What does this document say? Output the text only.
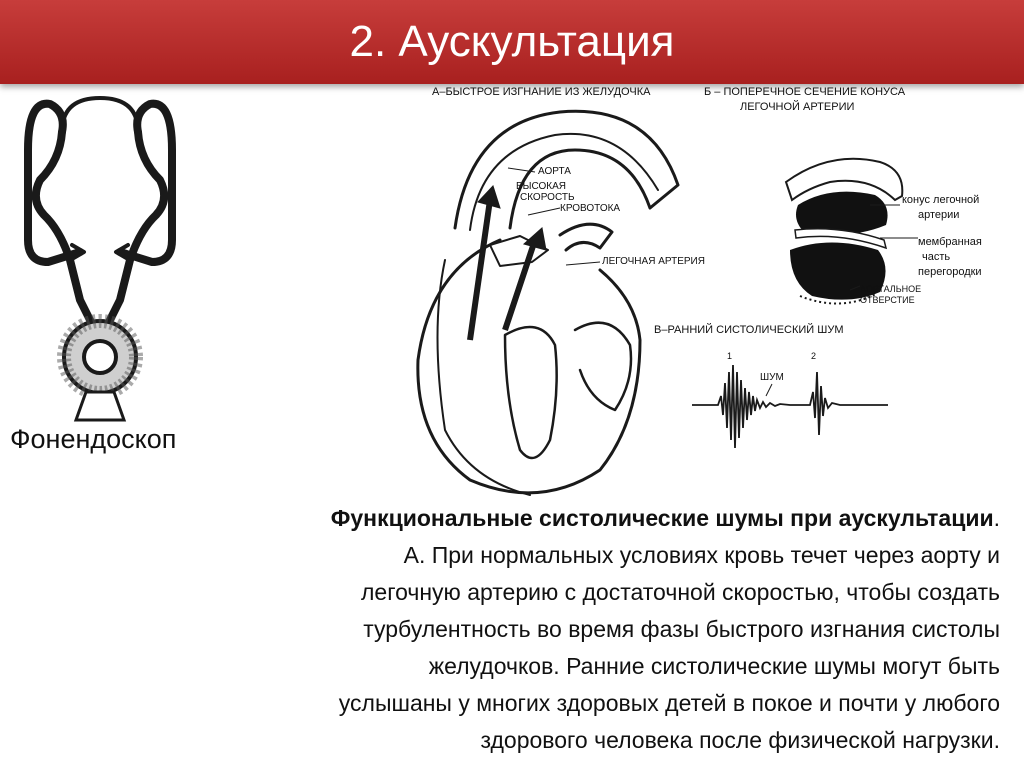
2. Аускультация
Фонендоскоп
А–БЫСТРОЕ ИЗГНАНИЕ ИЗ ЖЕЛУДОЧКА
АОРТА
ВЫСОКАЯ
СКОРОСТЬ
КРОВОТОКА
ЛЕГОЧНАЯ АРТЕРИЯ
Б – ПОПЕРЕЧНОЕ СЕЧЕНИЕ КОНУСА
ЛЕГОЧНОЙ АРТЕРИИ
конус легочной
артерии
мембранная
часть
перегородки
АОРТАЛЬНОЕ
ОТВЕРСТИЕ
В–РАННИЙ СИСТОЛИЧЕСКИЙ ШУМ
1	2
ШУМ

Функциональные систолические шумы при аускультации.

А. При нормальных условиях кровь течет через аорту и

легочную артерию с достаточной скоростью, чтобы создать

турбулентность во время фазы быстрого изгнания систолы

желудочков. Ранние систолические шумы могут быть

услышаны у многих здоровых детей в покое и почти у любого

здорового человека после физической нагрузки.
